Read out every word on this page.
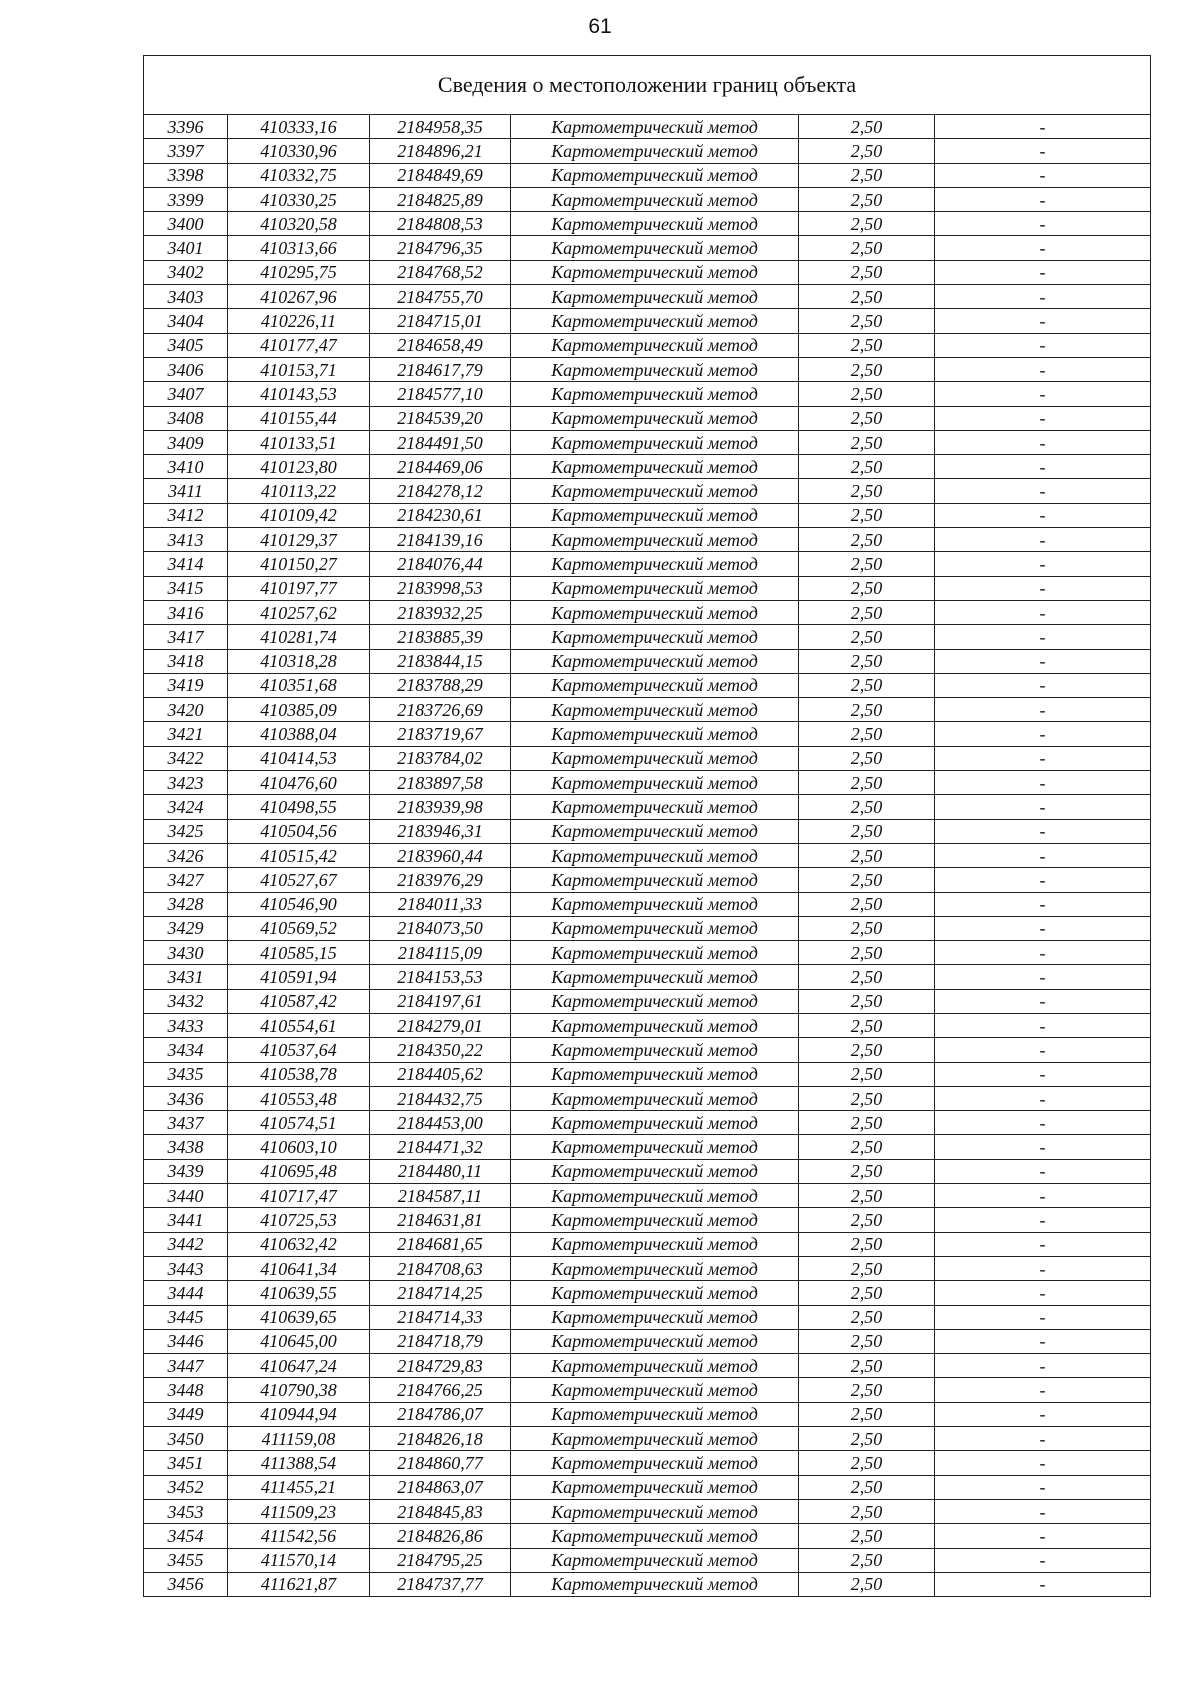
61
Сведения о местоположении границ объекта					
3396	410333,16	2184958,35	Картометрический метод	2,50	-
3397	410330,96	2184896,21	Картометрический метод	2,50	-
3398	410332,75	2184849,69	Картометрический метод	2,50	-
3399	410330,25	2184825,89	Картометрический метод	2,50	-
3400	410320,58	2184808,53	Картометрический метод	2,50	-
3401	410313,66	2184796,35	Картометрический метод	2,50	-
3402	410295,75	2184768,52	Картометрический метод	2,50	-
3403	410267,96	2184755,70	Картометрический метод	2,50	-
3404	410226,11	2184715,01	Картометрический метод	2,50	-
3405	410177,47	2184658,49	Картометрический метод	2,50	-
3406	410153,71	2184617,79	Картометрический метод	2,50	-
3407	410143,53	2184577,10	Картометрический метод	2,50	-
3408	410155,44	2184539,20	Картометрический метод	2,50	-
3409	410133,51	2184491,50	Картометрический метод	2,50	-
3410	410123,80	2184469,06	Картометрический метод	2,50	-
3411	410113,22	2184278,12	Картометрический метод	2,50	-
3412	410109,42	2184230,61	Картометрический метод	2,50	-
3413	410129,37	2184139,16	Картометрический метод	2,50	-
3414	410150,27	2184076,44	Картометрический метод	2,50	-
3415	410197,77	2183998,53	Картометрический метод	2,50	-
3416	410257,62	2183932,25	Картометрический метод	2,50	-
3417	410281,74	2183885,39	Картометрический метод	2,50	-
3418	410318,28	2183844,15	Картометрический метод	2,50	-
3419	410351,68	2183788,29	Картометрический метод	2,50	-
3420	410385,09	2183726,69	Картометрический метод	2,50	-
3421	410388,04	2183719,67	Картометрический метод	2,50	-
3422	410414,53	2183784,02	Картометрический метод	2,50	-
3423	410476,60	2183897,58	Картометрический метод	2,50	-
3424	410498,55	2183939,98	Картометрический метод	2,50	-
3425	410504,56	2183946,31	Картометрический метод	2,50	-
3426	410515,42	2183960,44	Картометрический метод	2,50	-
3427	410527,67	2183976,29	Картометрический метод	2,50	-
3428	410546,90	2184011,33	Картометрический метод	2,50	-
3429	410569,52	2184073,50	Картометрический метод	2,50	-
3430	410585,15	2184115,09	Картометрический метод	2,50	-
3431	410591,94	2184153,53	Картометрический метод	2,50	-
3432	410587,42	2184197,61	Картометрический метод	2,50	-
3433	410554,61	2184279,01	Картометрический метод	2,50	-
3434	410537,64	2184350,22	Картометрический метод	2,50	-
3435	410538,78	2184405,62	Картометрический метод	2,50	-
3436	410553,48	2184432,75	Картометрический метод	2,50	-
3437	410574,51	2184453,00	Картометрический метод	2,50	-
3438	410603,10	2184471,32	Картометрический метод	2,50	-
3439	410695,48	2184480,11	Картометрический метод	2,50	-
3440	410717,47	2184587,11	Картометрический метод	2,50	-
3441	410725,53	2184631,81	Картометрический метод	2,50	-
3442	410632,42	2184681,65	Картометрический метод	2,50	-
3443	410641,34	2184708,63	Картометрический метод	2,50	-
3444	410639,55	2184714,25	Картометрический метод	2,50	-
3445	410639,65	2184714,33	Картометрический метод	2,50	-
3446	410645,00	2184718,79	Картометрический метод	2,50	-
3447	410647,24	2184729,83	Картометрический метод	2,50	-
3448	410790,38	2184766,25	Картометрический метод	2,50	-
3449	410944,94	2184786,07	Картометрический метод	2,50	-
3450	411159,08	2184826,18	Картометрический метод	2,50	-
3451	411388,54	2184860,77	Картометрический метод	2,50	-
3452	411455,21	2184863,07	Картометрический метод	2,50	-
3453	411509,23	2184845,83	Картометрический метод	2,50	-
3454	411542,56	2184826,86	Картометрический метод	2,50	-
3455	411570,14	2184795,25	Картометрический метод	2,50	-
3456	411621,87	2184737,77	Картометрический метод	2,50	-
